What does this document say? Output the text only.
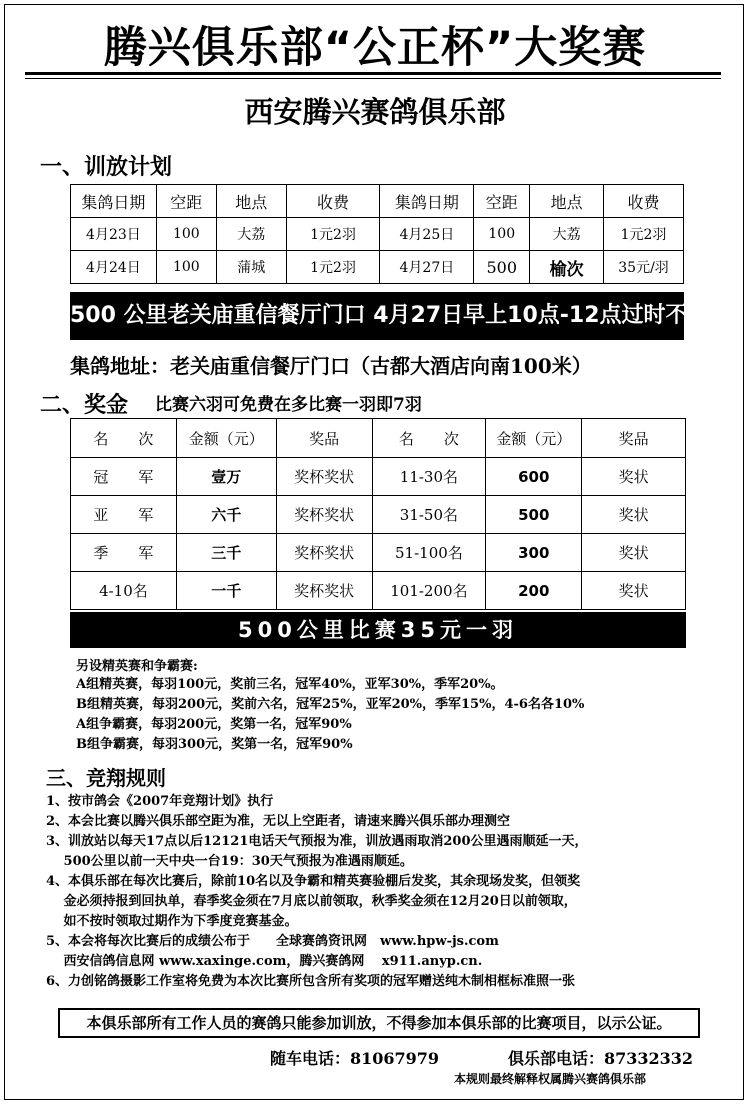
腾兴俱乐部“公正杯”大奖赛
西安腾兴赛鸽俱乐部
一、训放计划
集鸽日期	空距	地点	收费	集鸽日期	空距	地点	收费
4月23日	100	大荔	1元2羽	4月25日	100	大荔	1元2羽
4月24日	100	蒲城	1元2羽	4月27日	500	榆次	35元/羽
500 公里老关庙重信餐厅门口 4月27日早上10点-12点过时不候
集鸽地址：老关庙重信餐厅门口（古都大酒店向南100米）
二、奖金 比赛六羽可免费在多比赛一羽即7羽
名　　次	金额（元）	奖品	名　　次	金额（元）	奖品
冠　　军	壹万	奖杯奖状	11-30名	600	奖状
亚　　军	六千	奖杯奖状	31-50名	500	奖状
季　　军	三千	奖杯奖状	51-100名	300	奖状
4-10名	一千	奖杯奖状	101-200名	200	奖状
500公里比赛35元一羽
另设精英赛和争霸赛:
A组精英赛，每羽100元，奖前三名，冠军40%，亚军30%，季军20%。
B组精英赛，每羽200元，奖前六名，冠军25%，亚军20%，季军15%，4-6名各10%
A组争霸赛，每羽200元，奖第一名，冠军90%
B组争霸赛，每羽300元，奖第一名，冠军90%
三、竞翔规则
1、按市鸽会《2007年竞翔计划》执行
2、本会比赛以腾兴俱乐部空距为准，无以上空距者，请速来腾兴俱乐部办理测空
3、训放站以每天17点以后12121电话天气预报为准，训放遇雨取消200公里遇雨顺延一天，
　 500公里以前一天中央一台19：30天气预报为准遇雨顺延。
4、本俱乐部在每次比赛后，除前10名以及争霸和精英赛验棚后发奖，其余现场发奖，但领奖
　 金必须持报到回执单，春季奖金须在7月底以前领取，秋季奖金须在12月20日以前领取，
　 如不按时领取过期作为下季度竞赛基金。
5、本会将每次比赛后的成绩公布于　　全球赛鸽资讯网　www.hpw-js.com
　 西安信鸽信息网 www.xaxinge.com，腾兴赛鸽网　 x911.anyp.cn.
6、力创铭鸽摄影工作室将免费为本次比赛所包含所有奖项的冠军赠送纯木制相框标准照一张
本俱乐部所有工作人员的赛鸽只能参加训放，不得参加本俱乐部的比赛项目，以示公证。
随车电话：81067979	俱乐部电话：87332332
本规则最终解释权属腾兴赛鸽俱乐部
